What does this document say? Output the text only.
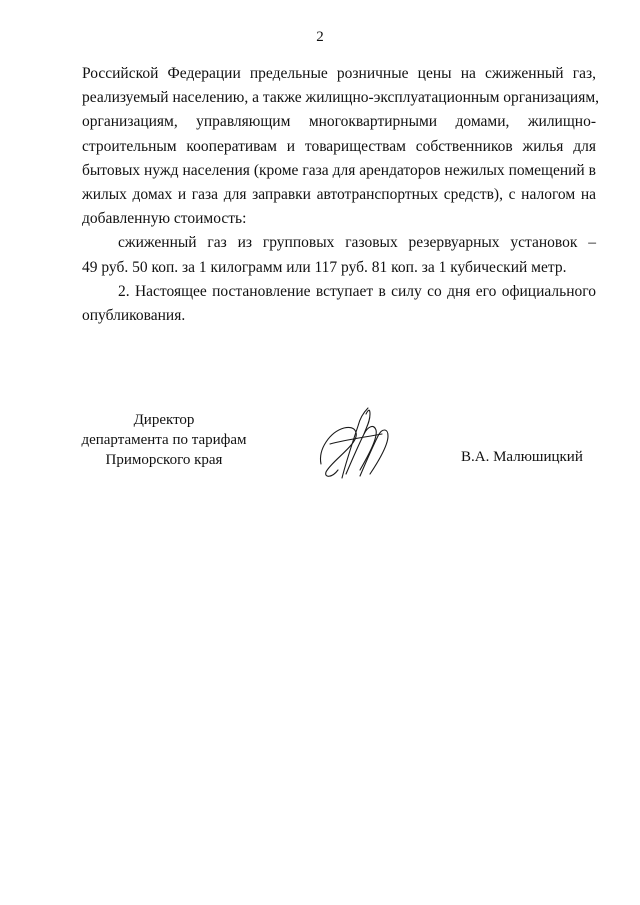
2

Российской Федерации предельные розничные цены на сжиженный газ,
реализуемый населению, а также жилищно-эксплуатационным организациям,
организациям, управляющим многоквартирными домами, жилищно-
строительным кооперативам и товариществам собственников жилья для
бытовых нужд населения (кроме газа для арендаторов нежилых помещений в
жилых домах и газа для заправки автотранспортных средств), с налогом на
добавленную стоимость:

сжиженный газ из групповых газовых резервуарных установок –
49 руб. 50 коп. за 1 килограмм или 117 руб. 81 коп. за 1 кубический метр.

2. Настоящее постановление вступает в силу со дня его официального
опубликования.

Директор
департамента по тарифам
Приморского края	В.А. Малюшицкий
